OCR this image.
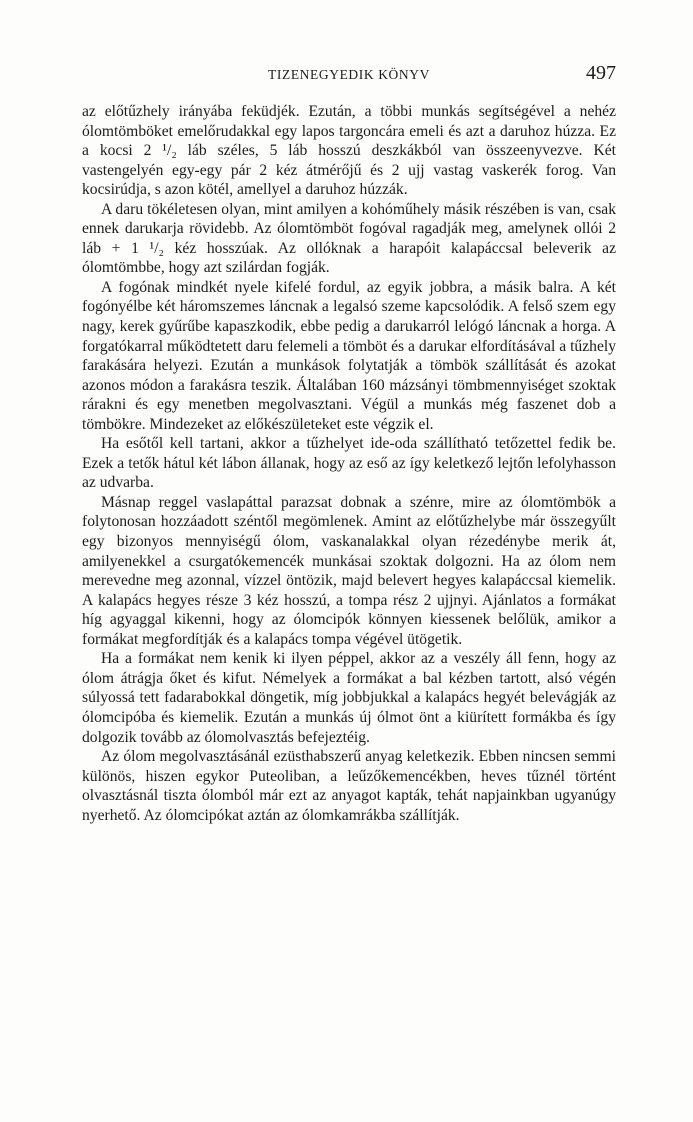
TIZENEGYEDIK KÖNYV	497

az előtűzhely irányába feküdjék. Ezután, a többi munkás segítségével a nehéz ólomtömböket emelőrudakkal egy lapos targoncára emeli és azt a daruhoz húzza. Ez a kocsi 2 ¹/₂ láb széles, 5 láb hosszú deszkákból van összeenyvezve. Két vastengelyén egy-egy pár 2 kéz átmérőjű és 2 ujj vastag vaskerék forog. Van kocsirúdja, s azon kötél, amellyel a daruhoz húzzák.

A daru tökéletesen olyan, mint amilyen a kohóműhely másik részében is van, csak ennek darukarja rövidebb. Az ólomtömböt fogóval ragadják meg, amelynek ollói 2 láb + 1 ¹/₂ kéz hosszúak. Az ollóknak a harapóit kalapáccsal beleverik az ólomtömbbe, hogy azt szilárdan fogják.

A fogónak mindkét nyele kifelé fordul, az egyik jobbra, a másik balra. A két fogónyélbe két háromszemes láncnak a legalsó szeme kapcsolódik. A felső szem egy nagy, kerek gyűrűbe kapaszkodik, ebbe pedig a darukarról lelógó láncnak a horga. A forgatókarral működtetett daru felemeli a tömböt és a darukar elfordításával a tűzhely farakására helyezi. Ezután a munkások folytatják a tömbök szállítását és azokat azonos módon a farakásra teszik. Általában 160 mázsányi tömbmennyiséget szoktak ráraknі és egy menetben megolvasztani. Végül a munkás még faszenet dob a tömbökre. Mindezeket az előkészületeket este végzik el.

Ha esőtől kell tartani, akkor a tűzhelyet ide-oda szállítható tetőzettel fedik be. Ezek a tetők hátul két lábon állanak, hogy az eső az így keletkező lejtőn lefolyhasson az udvarba.

Másnap reggel vaslapáttal parazsat dobnak a szénre, mire az ólomtömbök a folytonosan hozzáadott széntől megömlenek. Amint az előtűzhelybe már összegyűlt egy bizonyos mennyiségű ólom, vaskanalakkal olyan rézedénybe merik át, amilyenekkel a csurgatókemencék munkásai szoktak dolgozni. Ha az ólom nem merevedne meg azonnal, vízzel öntözik, majd belevert hegyes kalapáccsal kiemelik. A kalapács hegyes része 3 kéz hosszú, a tompa rész 2 ujjnyi. Ajánlatos a formákat híg agyaggal kikenni, hogy az ólomcipók könnyen kiessenek belőlük, amikor a formákat megfordítják és a kalapács tompa végével ütögetik.

Ha a formákat nem kenik ki ilyen péppel, akkor az a veszély áll fenn, hogy az ólom átrágja őket és kifut. Némelyek a formákat a bal kézben tartott, alsó végén súlyossá tett fadarabokkal döngetik, míg jobbjukkal a kalapács hegyét belevágják az ólomcipóba és kiemelik. Ezután a munkás új ólmot önt a kiürített formákba és így dolgozik tovább az ólomolvasztás befejeztéig.

Az ólom megolvasztásánál ezüsthabszerű anyag keletkezik. Ebben nincsen semmi különös, hiszen egykor Puteoliban, a leűzőkemencékben, heves tűznél történt olvasztásnál tiszta ólomból már ezt az anyagot kapták, tehát napjainkban ugyanúgy nyerhető. Az ólomcipókat aztán az ólomkamrákba szállítják.
